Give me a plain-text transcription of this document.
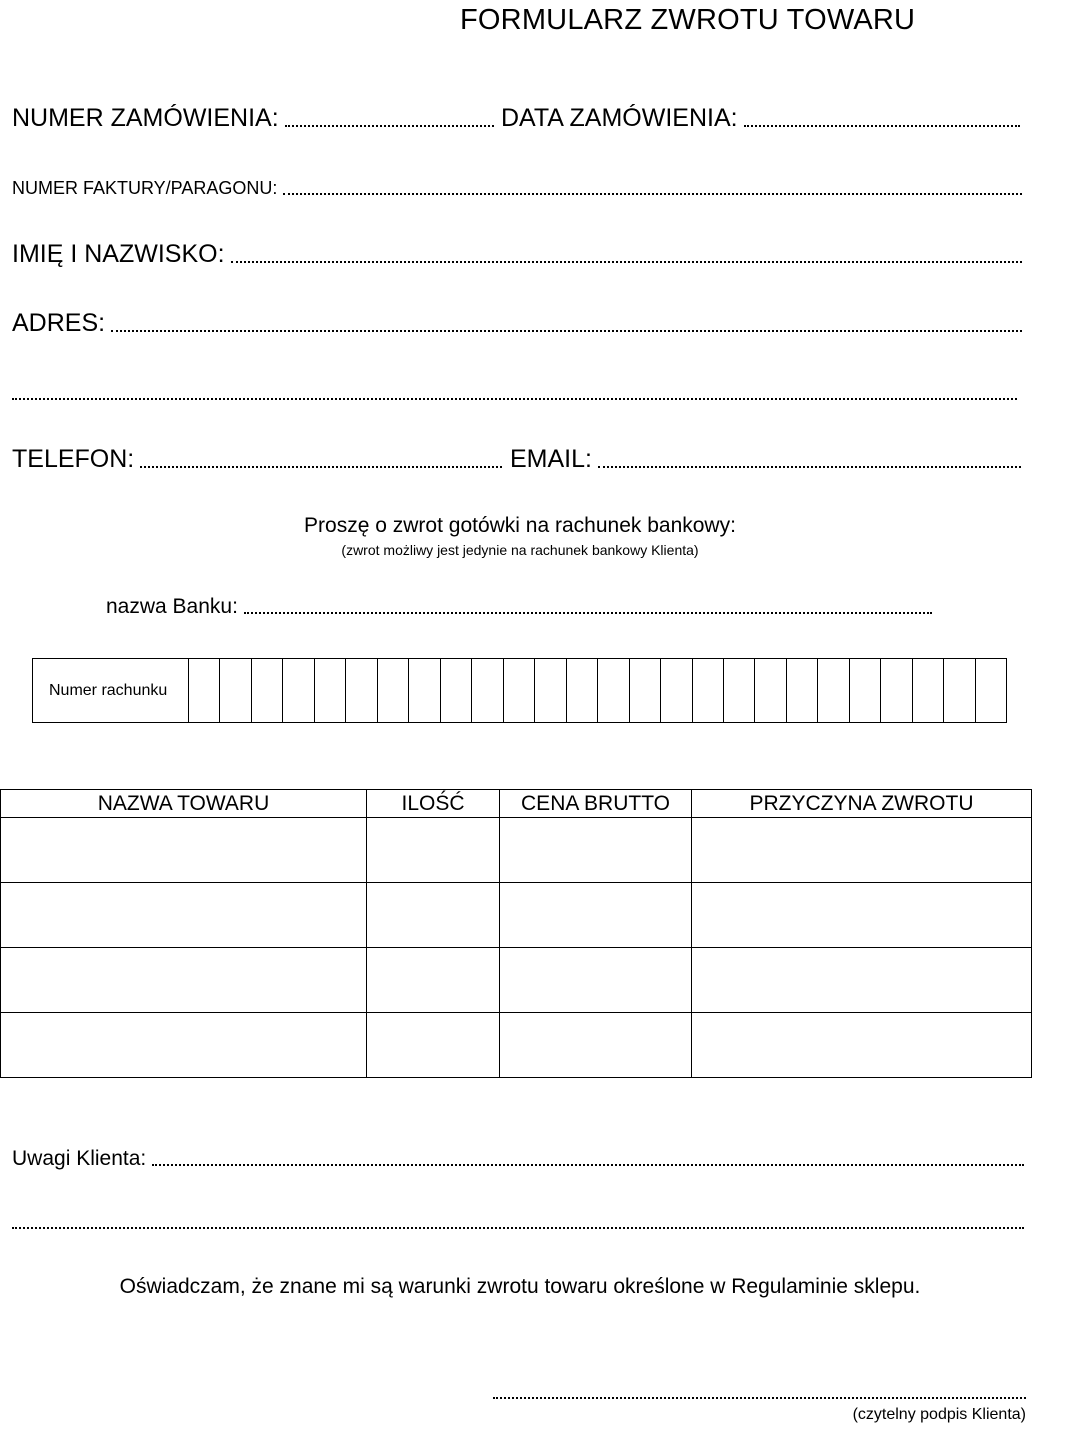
FORMULARZ ZWROTU TOWARU
NUMER ZAMÓWIENIA:	DATA ZAMÓWIENIA:
NUMER FAKTURY/PARAGONU:
IMIĘ I NAZWISKO:
ADRES:
TELEFON:	EMAIL:
Proszę o zwrot gotówki na rachunek bankowy:
(zwrot możliwy jest jedynie na rachunek bankowy Klienta)
nazwa Banku:
Numer rachunku
NAZWA TOWARU	ILOŚĆ	CENA BRUTTO	PRZYCZYNA ZWROTU

Uwagi Klienta:
Oświadczam, że znane mi są warunki zwrotu towaru określone w Regulaminie sklepu.
(czytelny podpis Klienta)
